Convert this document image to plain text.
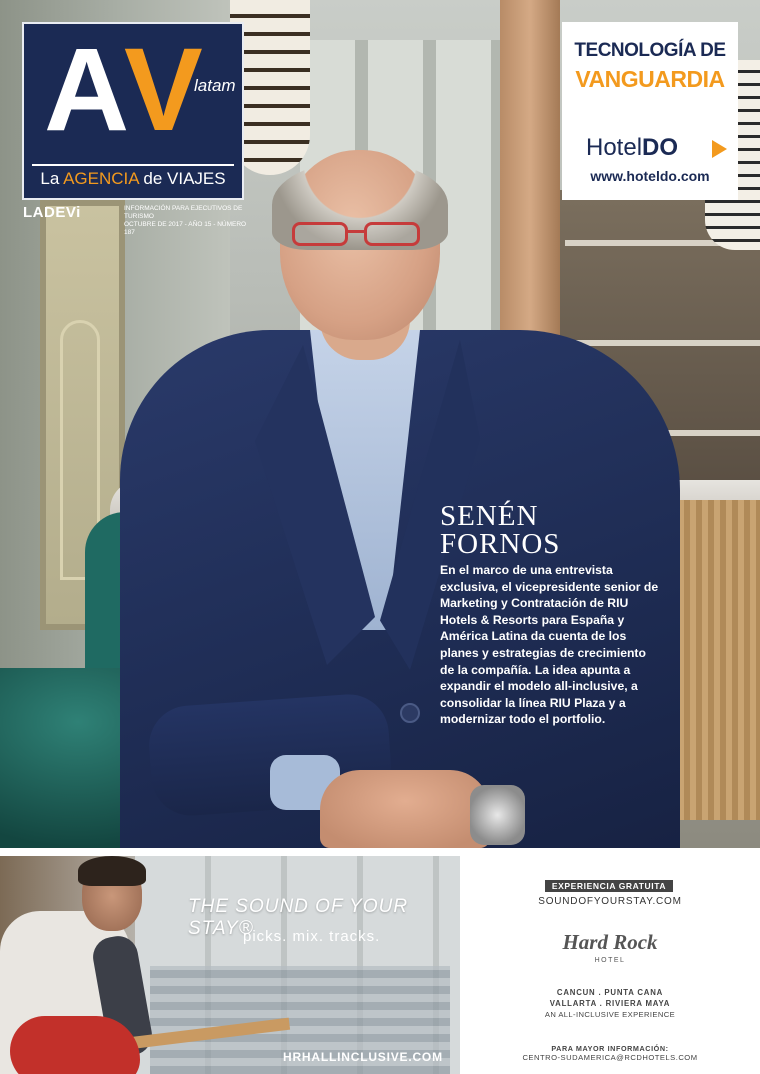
A V
latam
La AGENCIA de VIAJES
LADEVi	INFORMACIÓN PARA EJECUTIVOS DE TURISMO
OCTUBRE DE 2017 - AÑO 15 - NÚMERO 187
TECNOLOGÍA DE
VANGUARDIA
HotelDO
www.hoteldo.com
SENÉN
FORNOS
En el marco de una entrevista exclusiva, el vicepresidente senior de Marketing y Contratación de RIU Hotels & Resorts para España y América Latina da cuenta de los planes y estrategias de crecimiento de la compañía. La idea apunta a expandir el modelo all-inclusive, a consolidar la línea RIU Plaza y a modernizar todo el portfolio.
THE SOUND OF YOUR STAY®
picks. mix. tracks.
HRHALLINCLUSIVE.COM
EXPERIENCIA GRATUITA
SOUNDOFYOURSTAY.COM
Hard Rock
HOTEL
CANCUN . PUNTA CANA
VALLARTA . RIVIERA MAYA
AN ALL-INCLUSIVE EXPERIENCE
PARA MAYOR INFORMACIÓN:
CENTRO-SUDAMERICA@RCDHOTELS.COM
